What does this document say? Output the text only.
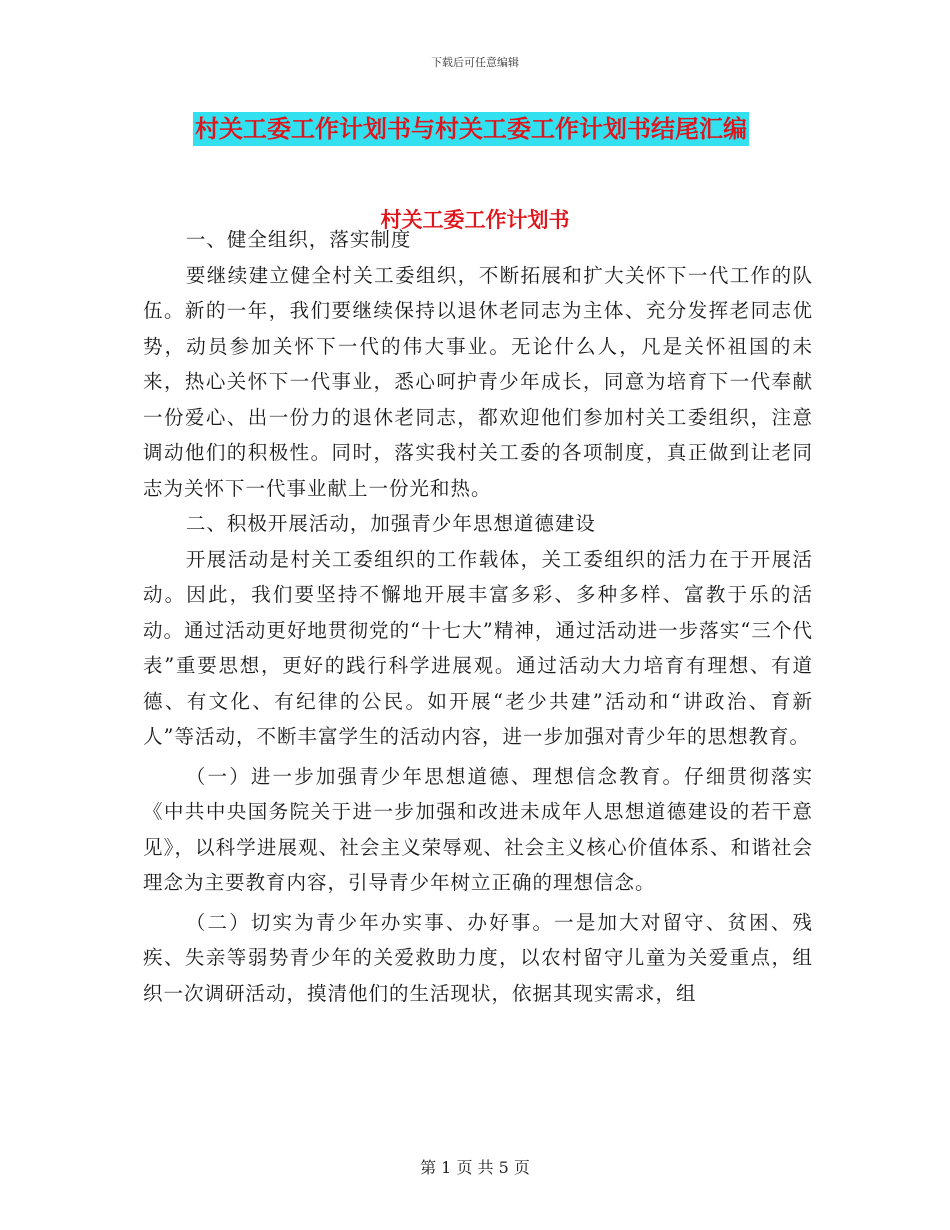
下载后可任意编辑
村关工委工作计划书与村关工委工作计划书结尾汇编
村关工委工作计划书

一、健全组织，落实制度

要继续建立健全村关工委组织，不断拓展和扩大关怀下一代工作的队伍。新的一年，我们要继续保持以退休老同志为主体、充分发挥老同志优势，动员参加关怀下一代的伟大事业。无论什么人，凡是关怀祖国的未来，热心关怀下一代事业，悉心呵护青少年成长，同意为培育下一代奉献一份爱心、出一份力的退休老同志，都欢迎他们参加村关工委组织，注意调动他们的积极性。同时，落实我村关工委的各项制度，真正做到让老同志为关怀下一代事业献上一份光和热。

二、积极开展活动，加强青少年思想道德建设

开展活动是村关工委组织的工作载体，关工委组织的活力在于开展活动。因此，我们要坚持不懈地开展丰富多彩、多种多样、富教于乐的活动。通过活动更好地贯彻党的“十七大”精神，通过活动进一步落实“三个代表”重要思想，更好的践行科学进展观。通过活动大力培育有理想、有道德、有文化、有纪律的公民。如开展“老少共建”活动和“讲政治、育新人”等活动，不断丰富学生的活动内容，进一步加强对青少年的思想教育。

（一）进一步加强青少年思想道德、理想信念教育。仔细贯彻落实《中共中央国务院关于进一步加强和改进未成年人思想道德建设的若干意见》，以科学进展观、社会主义荣辱观、社会主义核心价值体系、和谐社会理念为主要教育内容，引导青少年树立正确的理想信念。

（二）切实为青少年办实事、办好事。一是加大对留守、贫困、残疾、失亲等弱势青少年的关爱救助力度，以农村留守儿童为关爱重点，组织一次调研活动，摸清他们的生活现状，依据其现实需求，组

第 1 页 共 5 页
